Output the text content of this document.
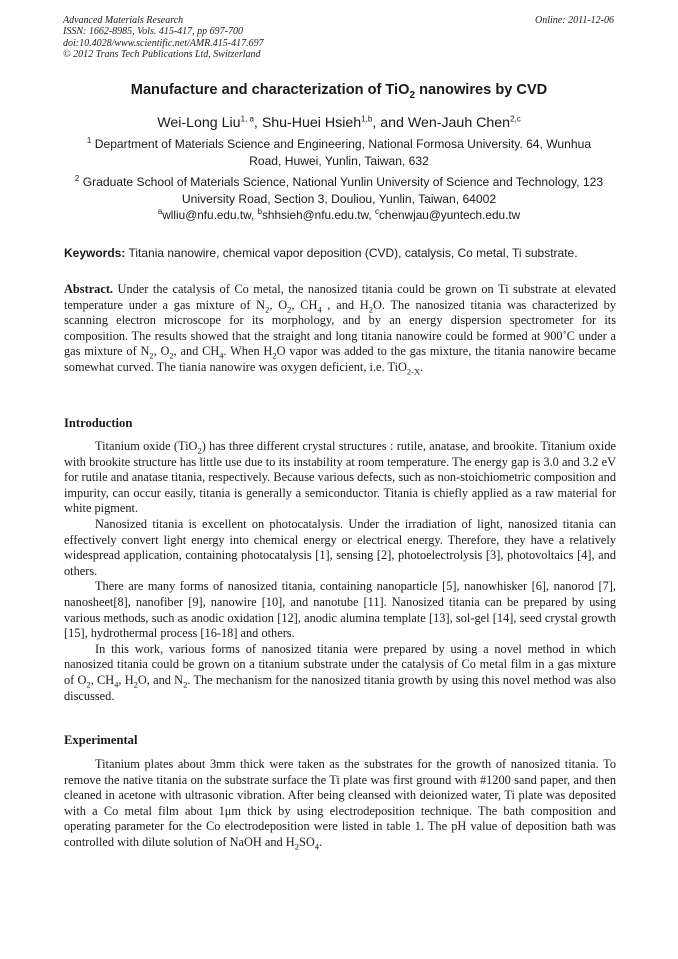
Advanced Materials Research
ISSN: 1662-8985, Vols. 415-417, pp 697-700
doi:10.4028/www.scientific.net/AMR.415-417.697
© 2012 Trans Tech Publications Ltd, Switzerland
Online: 2011-12-06
Manufacture and characterization of TiO$_2$ nanowires by CVD
Wei-Long Liu$^{1, a}$, Shu-Huei Hsieh$^{1,b}$, and Wen-Jauh Chen$^{2,c}$
$^1$ Department of Materials Science and Engineering, National Formosa University. 64, Wunhua Road, Huwei, Yunlin, Taiwan, 632
$^2$ Graduate School of Materials Science, National Yunlin University of Science and Technology, 123 University Road, Section 3, Douliou, Yunlin, Taiwan, 64002
$^a$wlliu@nfu.edu.tw, $^b$shhsieh@nfu.edu.tw, $^c$chenwjau@yuntech.edu.tw
Keywords: Titania nanowire, chemical vapor deposition (CVD), catalysis, Co metal, Ti substrate.
Abstract. Under the catalysis of Co metal, the nanosized titania could be grown on Ti substrate at elevated temperature under a gas mixture of $N_2$, $O_2$, $CH_4$ , and $H_2O$. The nanosized titania was characterized by scanning electron microscope for its morphology, and by an energy dispersion spectrometer for its composition. The results showed that the straight and long titania nanowire could be formed at 900˚C under a gas mixture of $N_2$, $O_2$, and $CH_4$. When $H_2O$ vapor was added to the gas mixture, the titania nanowire became somewhat curved. The tiania nanowire was oxygen deficient, i.e. TiO$_{2-X}$.
Introduction

Titanium oxide (TiO$_2$) has three different crystal structures : rutile, anatase, and brookite. Titanium oxide with brookite structure has little use due to its instability at room temperature. The energy gap is 3.0 and 3.2 eV for rutile and anatase titania, respectively. Because various defects, such as non-stoichiometric composition and impurity, can occur easily, titania is generally a semiconductor. Titania is chiefly applied as a raw material for white pigment.

Nanosized titania is excellent on photocatalysis. Under the irradiation of light, nanosized titania can effectively convert light energy into chemical energy or electrical energy. Therefore, they have a relatively widespread application, containing photocatalysis [1], sensing [2], photoelectrolysis [3], photovoltaics [4], and others.

There are many forms of nanosized titania, containing nanoparticle [5], nanowhisker [6], nanorod [7], nanosheet[8], nanofiber [9], nanowire [10], and nanotube [11]. Nanosized titania can be prepared by using various methods, such as anodic oxidation [12], anodic alumina template [13], sol-gel [14], seed crystal growth [15], hydrothermal process [16-18] and others.

In this work, various forms of nanosized titania were prepared by using a novel method in which nanosized titania could be grown on a titanium substrate under the catalysis of Co metal film in a gas mixture of $O_2$, $CH_4$, $H_2O$, and $N_2$. The mechanism for the nanosized titania growth by using this novel method was also discussed.

Experimental

Titanium plates about 3mm thick were taken as the substrates for the growth of nanosized titania. To remove the native titania on the substrate surface the Ti plate was first ground with #1200 sand paper, and then cleaned in acetone with ultrasonic vibration. After being cleansed with deionized water, Ti plate was deposited with a Co metal film about 1μm thick by using electrodeposition technique. The bath composition and operating parameter for the Co electrodeposition were listed in table 1. The pH value of deposition bath was controlled with dilute solution of NaOH and $H_2SO_4$.
